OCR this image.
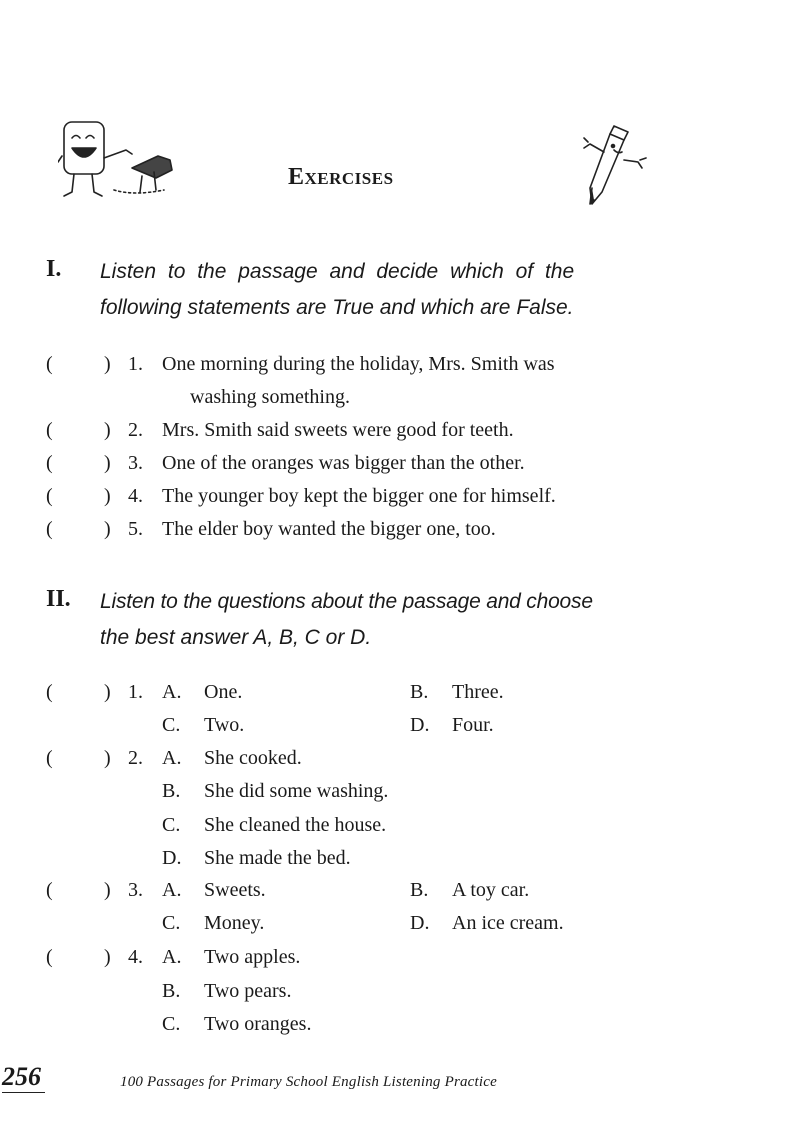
Exercises
I. Listen to the passage and decide which of the
following statements are True and which are False.
(	) 1. One morning during the holiday, Mrs. Smith was
washing something.
(	) 2. Mrs. Smith said sweets were good for teeth.
(	) 3. One of the oranges was bigger than the other.
(	) 4. The younger boy kept the bigger one for himself.
(	) 5. The elder boy wanted the bigger one, too.
II. Listen to the questions about the passage and choose
the best answer A, B, C or D.
(	) 1. A. One.	B. Three.
C. Two.	D. Four.
(	) 2. A. She cooked.
B. She did some washing.
C. She cleaned the house.
D. She made the bed.
(	) 3. A. Sweets.	B. A toy car.
C. Money.	D. An ice cream.
(	) 4. A. Two apples.
B. Two pears.
C. Two oranges.
256	100 Passages for Primary School English Listening Practice
